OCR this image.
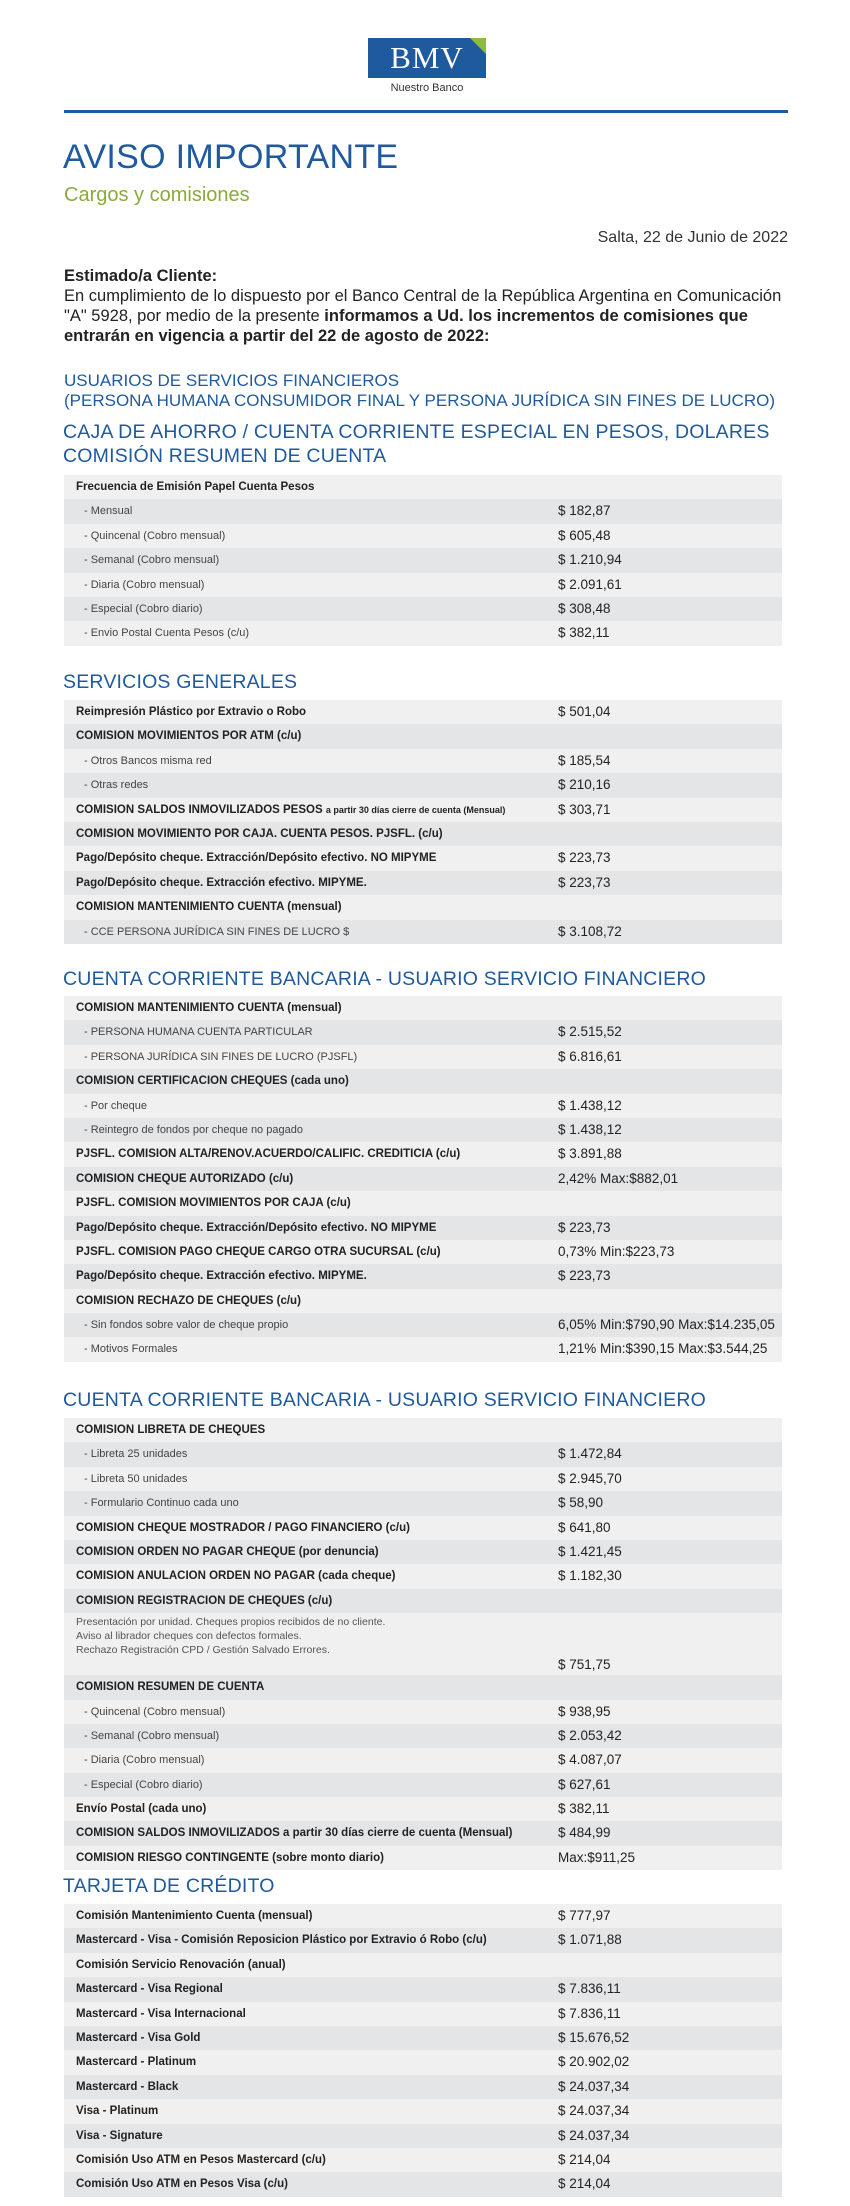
BMV
Nuestro Banco
AVISO IMPORTANTE
Cargos y comisiones
Salta, 22 de Junio de 2022
Estimado/a Cliente:
En cumplimiento de lo dispuesto por el Banco Central de la República Argentina en Comunicación "A" 5928, por medio de la presente informamos a Ud. los incrementos de comisiones que entrarán en vigencia a partir del 22 de agosto de 2022:
USUARIOS DE SERVICIOS FINANCIEROS
(PERSONA HUMANA CONSUMIDOR FINAL Y PERSONA JURÍDICA SIN FINES DE LUCRO)
CAJA DE AHORRO / CUENTA CORRIENTE ESPECIAL EN PESOS, DOLARES
COMISIÓN RESUMEN DE CUENTA
Frecuencia de Emisión Papel Cuenta Pesos
- Mensual	$ 182,87
- Quincenal (Cobro mensual)	$ 605,48
- Semanal (Cobro mensual)	$ 1.210,94
- Diaria (Cobro mensual)	$ 2.091,61
- Especial (Cobro diario)	$ 308,48
- Envio Postal Cuenta Pesos (c/u)	$ 382,11
SERVICIOS GENERALES
Reimpresión Plástico por Extravio o Robo	$ 501,04
COMISION MOVIMIENTOS POR ATM (c/u)
- Otros Bancos misma red	$ 185,54
- Otras redes	$ 210,16
COMISION SALDOS INMOVILIZADOS PESOS a partir 30 días cierre de cuenta (Mensual)	$ 303,71
COMISION MOVIMIENTO POR CAJA. CUENTA PESOS. PJSFL. (c/u)
Pago/Depósito cheque. Extracción/Depósito efectivo. NO MIPYME	$ 223,73
Pago/Depósito cheque. Extracción efectivo. MIPYME.	$ 223,73
COMISION MANTENIMIENTO CUENTA (mensual)
- CCE PERSONA JURÍDICA SIN FINES DE LUCRO $	$ 3.108,72
CUENTA CORRIENTE BANCARIA - USUARIO SERVICIO FINANCIERO
COMISION MANTENIMIENTO CUENTA (mensual)
- PERSONA HUMANA CUENTA PARTICULAR	$ 2.515,52
- PERSONA JURÍDICA SIN FINES DE LUCRO (PJSFL)	$ 6.816,61
COMISION CERTIFICACION CHEQUES (cada uno)
- Por cheque	$ 1.438,12
- Reintegro de fondos por cheque no pagado	$ 1.438,12
PJSFL. COMISION ALTA/RENOV.ACUERDO/CALIFIC. CREDITICIA (c/u)	$ 3.891,88
COMISION CHEQUE AUTORIZADO (c/u)	2,42% Max:$882,01
PJSFL. COMISION MOVIMIENTOS POR CAJA (c/u)
Pago/Depósito cheque. Extracción/Depósito efectivo. NO MIPYME	$ 223,73
PJSFL. COMISION PAGO CHEQUE CARGO OTRA SUCURSAL (c/u)	0,73% Min:$223,73
Pago/Depósito cheque. Extracción efectivo. MIPYME.	$ 223,73
COMISION RECHAZO DE CHEQUES (c/u)
- Sin fondos sobre valor de cheque propio	6,05% Min:$790,90 Max:$14.235,05
- Motivos Formales	1,21% Min:$390,15 Max:$3.544,25
CUENTA CORRIENTE BANCARIA - USUARIO SERVICIO FINANCIERO
COMISION LIBRETA DE CHEQUES
- Libreta 25 unidades	$ 1.472,84
- Libreta 50 unidades	$ 2.945,70
- Formulario Continuo cada uno	$ 58,90
COMISION CHEQUE MOSTRADOR / PAGO FINANCIERO (c/u)	$ 641,80
COMISION ORDEN NO PAGAR CHEQUE (por denuncia)	$ 1.421,45
COMISION ANULACION ORDEN NO PAGAR (cada cheque)	$ 1.182,30
COMISION REGISTRACION DE CHEQUES (c/u)
Presentación por unidad. Cheques propios recibidos de no cliente.
Aviso al librador cheques con defectos formales.
Rechazo Registración CPD / Gestión Salvado Errores.
$ 751,75
COMISION RESUMEN DE CUENTA
- Quincenal (Cobro mensual)	$ 938,95
- Semanal (Cobro mensual)	$ 2.053,42
- Diaria (Cobro mensual)	$ 4.087,07
- Especial (Cobro diario)	$ 627,61
Envío Postal (cada uno)	$ 382,11
COMISION SALDOS INMOVILIZADOS a partir 30 días cierre de cuenta (Mensual)	$ 484,99
COMISION RIESGO CONTINGENTE (sobre monto diario)	Max:$911,25
TARJETA DE CRÉDITO
Comisión Mantenimiento Cuenta (mensual)	$ 777,97
Mastercard - Visa - Comisión Reposicion Plástico por Extravio ó Robo (c/u)	$ 1.071,88
Comisión Servicio Renovación (anual)
Mastercard - Visa Regional	$ 7.836,11
Mastercard - Visa Internacional	$ 7.836,11
Mastercard - Visa Gold	$ 15.676,52
Mastercard - Platinum	$ 20.902,02
Mastercard - Black	$ 24.037,34
Visa - Platinum	$ 24.037,34
Visa - Signature	$ 24.037,34
Comisión Uso ATM en Pesos Mastercard (c/u)	$ 214,04
Comisión Uso ATM en Pesos Visa (c/u)	$ 214,04
